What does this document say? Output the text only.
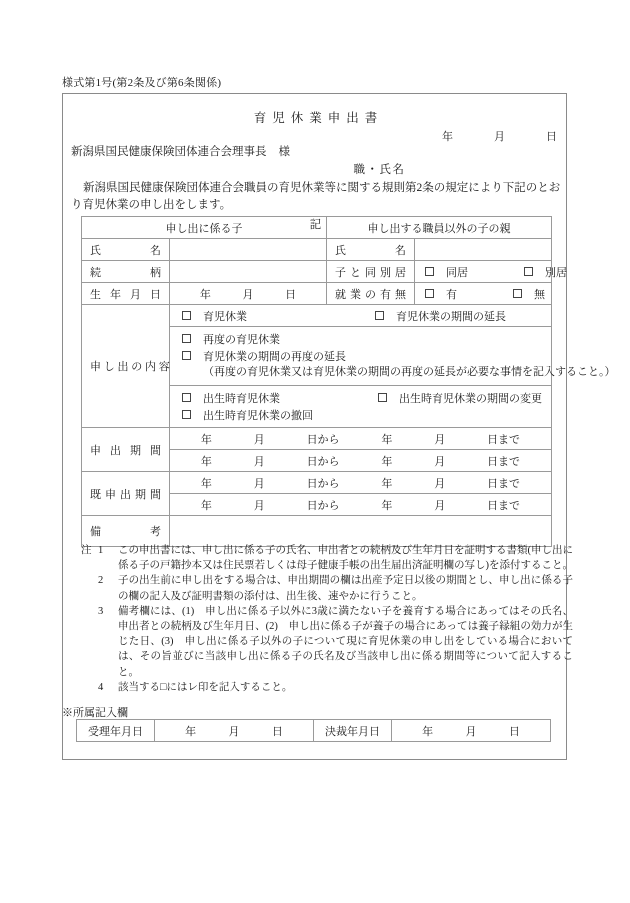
様式第1号(第2条及び第6条関係)
育児休業申出書
年	月	日
新潟県国民健康保険団体連合会理事長 様
職・氏名
新潟県国民健康保険団体連合会職員の育児休業等に関する規則第2条の規定により下記のとおり育児休業の申し出をします。
記
申し出に係る子		申し出する職員以外の子の親	
氏　　　名		氏　　　名	
続　　　柄		子 と 同 別 居	同居 別居

生 年 月 日	年 月 日	就 業 の 有 無	有 無

申 し 出 の 内 容	育児休業 育児休業の期間の延長		

	再度の育児休業
育児休業の期間の再度の延長
（再度の育児休業又は育児休業の期間の再度の延長が必要な事情を記入すること。）		

	出生時育児休業 出生時育児休業の期間の変更
出生時育児休業の撤回		

申 出 期 間	
年	月	日から	年	月	日まで

年	月	日から	年	月	日まで

既 申 出 期 間	
年	月	日から	年	月	日まで

年	月	日から	年	月	日まで

備　　　考			
注 1	この申出書には、申し出に係る子の氏名、申出者との続柄及び生年月日を証明する書類(申し出に係る子の戸籍抄本又は住民票若しくは母子健康手帳の出生届出済証明欄の写し)を添付すること。
2	子の出生前に申し出をする場合は、申出期間の欄は出産予定日以後の期間とし、申し出に係る子の欄の記入及び証明書類の添付は、出生後、速やかに行うこと。
3	備考欄には、(1)　申し出に係る子以外に3歳に満たない子を養育する場合にあってはその氏名、申出者との続柄及び生年月日、(2)　申し出に係る子が養子の場合にあっては養子縁組の効力が生じた日、(3)　申し出に係る子以外の子について現に育児休業の申し出をしている場合においては、その旨並びに当該申し出に係る子の氏名及び当該申し出に係る期間等について記入すること。
4	該当する□にはレ印を記入すること。
※所属記入欄
受理年月日	年	月	日	決裁年月日	年	月	日
